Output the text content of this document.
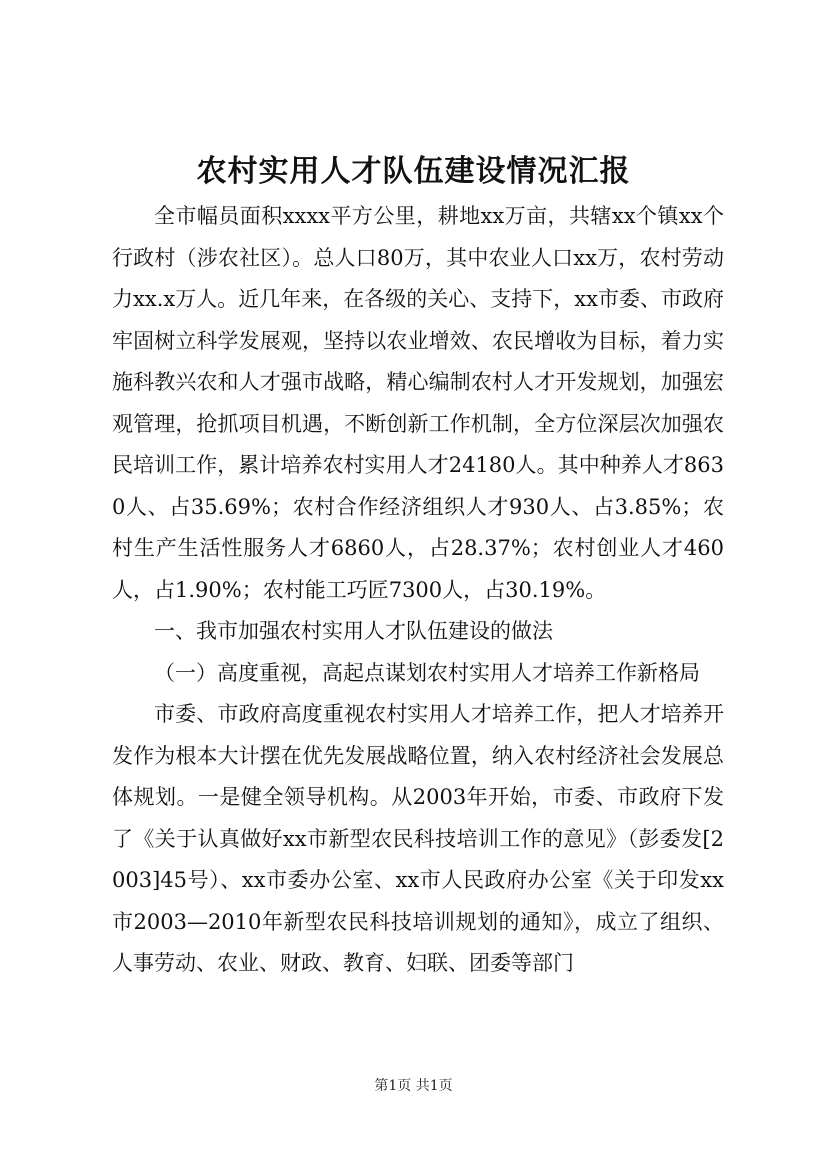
农村实用人才队伍建设情况汇报

全市幅员面积xxxx平方公里，耕地xx万亩，共辖xx个镇xx个行政村（涉农社区）。总人口80万，其中农业人口xx万，农村劳动力xx.x万人。近几年来，在各级的关心、支持下，xx市委、市政府牢固树立科学发展观，坚持以农业增效、农民增收为目标，着力实施科教兴农和人才强市战略，精心编制农村人才开发规划，加强宏观管理，抢抓项目机遇，不断创新工作机制，全方位深层次加强农民培训工作，累计培养农村实用人才24180人。其中种养人才8630人、占35.69%；农村合作经济组织人才930人、占3.85%；农村生产生活性服务人才6860人，占28.37%；农村创业人才460人，占1.90%；农村能工巧匠7300人，占30.19%。

一、我市加强农村实用人才队伍建设的做法

（一）高度重视，高起点谋划农村实用人才培养工作新格局

市委、市政府高度重视农村实用人才培养工作，把人才培养开发作为根本大计摆在优先发展战略位置，纳入农村经济社会发展总体规划。一是健全领导机构。从2003年开始，市委、市政府下发了《关于认真做好xx市新型农民科技培训工作的意见》（彭委发[2003]45号）、xx市委办公室、xx市人民政府办公室《关于印发xx市2003—2010年新型农民科技培训规划的通知》，成立了组织、人事劳动、农业、财政、教育、妇联、团委等部门

第1页 共1页
